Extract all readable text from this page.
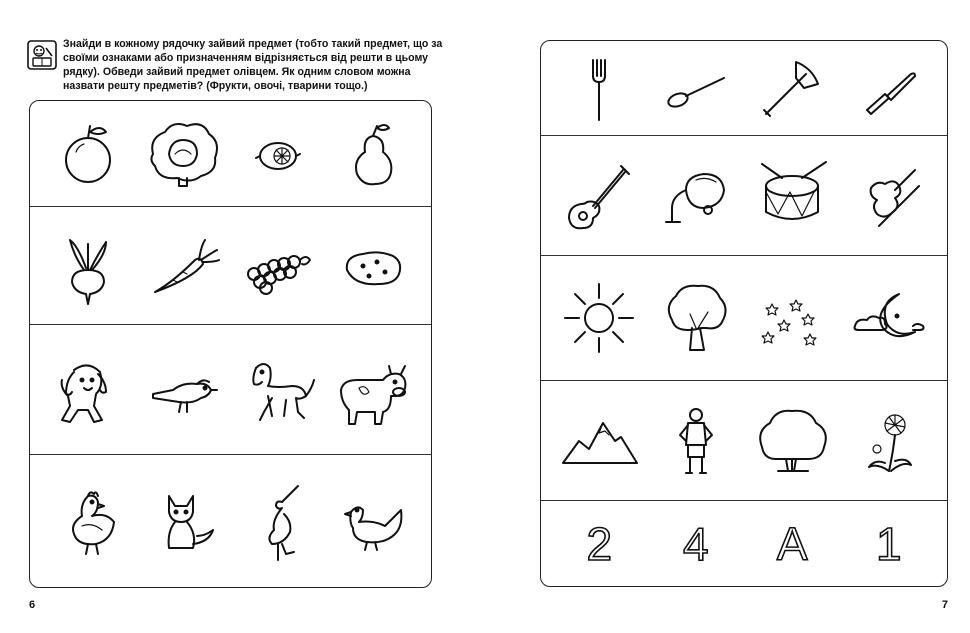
Знайди в кожному рядочку зайвий предмет (тобто такий предмет, що за своїми ознаками або призначенням відрізняється від решти в цьому рядку). Обведи зайвий предмет олівцем. Як одним словом можна назвати решту предметів? (Фрукти, овочі, тварини тощо.)

6
2 4 A 1
7
